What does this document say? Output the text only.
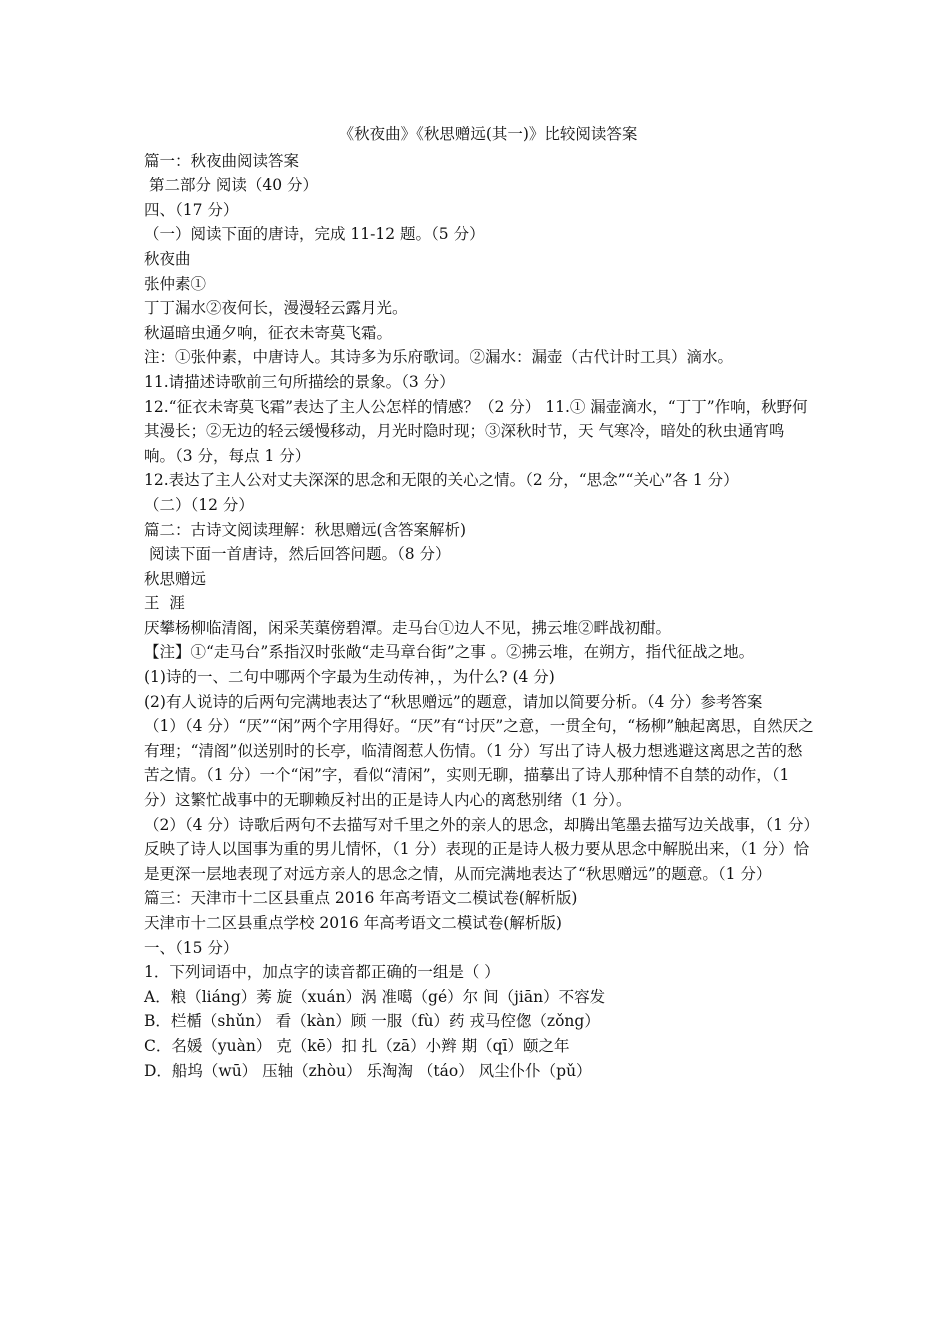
《秋夜曲》《秋思赠远(其一)》比较阅读答案
篇一：秋夜曲阅读答案
第二部分 阅读（40 分）
四、（17 分）
（一）阅读下面的唐诗，完成 11-12 题。（5 分）
秋夜曲
张仲素①
丁丁漏水②夜何长，漫漫轻云露月光。
秋逼暗虫通夕响，征衣未寄莫飞霜。
注：①张仲素，中唐诗人。其诗多为乐府歌词。②漏水：漏壶（古代计时工具）滴水。
11.请描述诗歌前三句所描绘的景象。（3 分）
12.“征衣未寄莫飞霜”表达了主人公怎样的情感？（2 分） 11.① 漏壶滴水，“丁丁”作响，秋野何其漫长；②无边的轻云缓慢移动，月光时隐时现；③深秋时节，天 气寒冷，暗处的秋虫通宵鸣响。（3 分，每点 1 分）
12.表达了主人公对丈夫深深的思念和无限的关心之情。（2 分，“思念”“关心”各 1 分）
（二）（12 分）
篇二：古诗文阅读理解：秋思赠远(含答案解析)
阅读下面一首唐诗，然后回答问题。（8 分）
秋思赠远
王  涯
厌攀杨柳临清阁，闲采芙蕖傍碧潭。走马台①边人不见，拂云堆②畔战初酣。
【注】①“走马台”系指汉时张敞“走马章台街”之事 。②拂云堆，在朔方，指代征战之地。
(1)诗的一、二句中哪两个字最为生动传神，，为什么? (4 分)
(2)有人说诗的后两句完满地表达了“秋思赠远”的题意，请加以简要分析。（4 分）参考答案
（1）（4 分）“厌”“闲”两个字用得好。“厌”有“讨厌”之意，一贯全句，“杨柳”触起离思，自然厌之有理；“清阁”似送别时的长亭，临清阁惹人伤情。（1 分）写出了诗人极力想逃避这离思之苦的愁苦之情。（1 分）一个“闲”字，看似“清闲”，实则无聊，描摹出了诗人那种情不自禁的动作，（1 分）这繁忙战事中的无聊赖反衬出的正是诗人内心的离愁别绪（1 分）。
（2）（4 分）诗歌后两句不去描写对千里之外的亲人的思念，却腾出笔墨去描写边关战事，（1 分）反映了诗人以国事为重的男儿情怀，（1 分）表现的正是诗人极力要从思念中解脱出来，（1 分）恰是更深一层地表现了对远方亲人的思念之情，从而完满地表达了“秋思赠远”的题意。（1 分）
篇三：天津市十二区县重点 2016 年高考语文二模试卷(解析版)
天津市十二区县重点学校 2016 年高考语文二模试卷(解析版)
一、（15 分）
1．下列词语中，加点字的读音都正确的一组是（ ）
A．粮（liáng）莠 旋（xuán）涡 准噶（gé）尔 间（jiān）不容发
B．栏楯（shǔn） 看（kàn）顾 一服（fù）药 戎马倥偬（zǒng）
C．名媛（yuàn） 克（kē）扣 扎（zā）小辫 期（qī）颐之年
D．船坞（wū） 压轴（zhòu） 乐淘淘 （táo） 风尘仆仆（pǔ）
